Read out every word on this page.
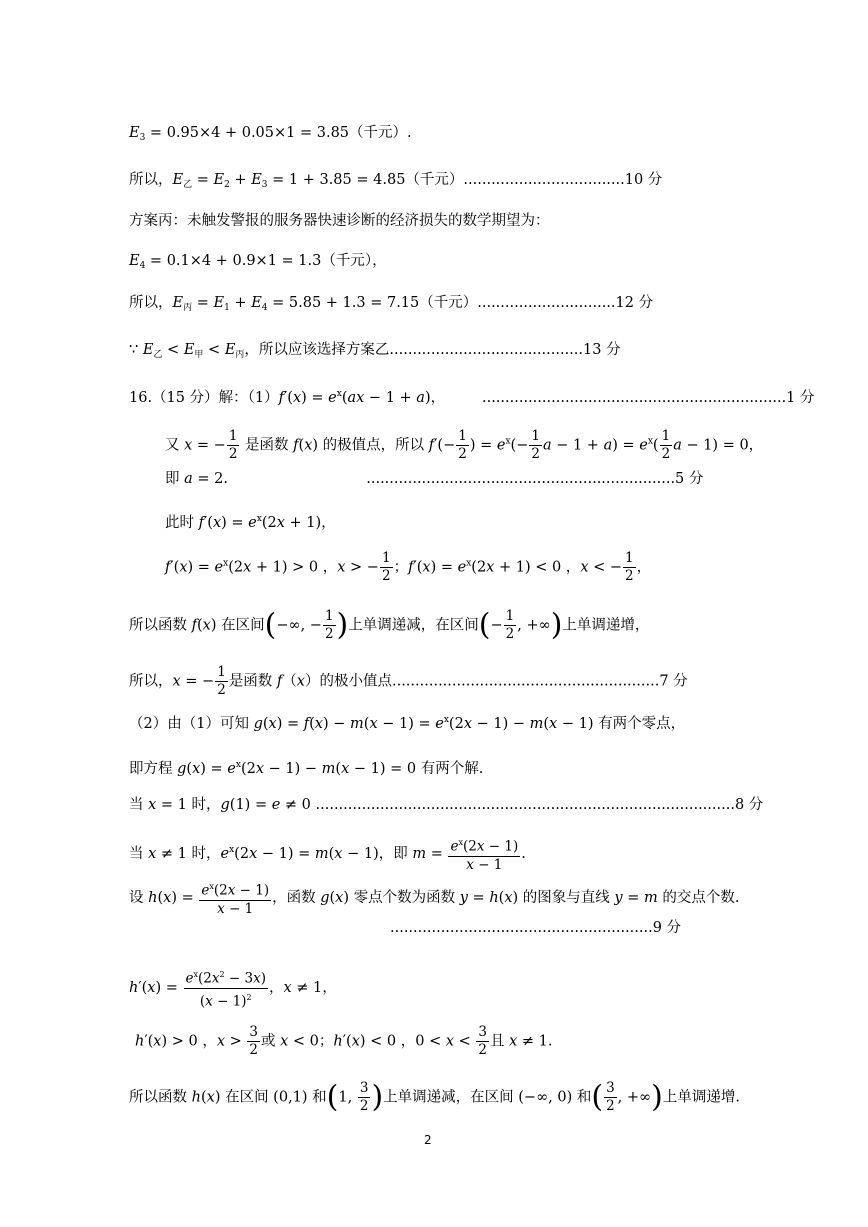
$E_3 = 0.95\times 4 + 0.05\times 1 = 3.85$（千元）.
所以，$E_乙 = E_2 + E_3 = 1 + 3.85 = 4.85$（千元）...................................10 分
方案丙：未触发警报的服务器快速诊断的经济损失的数学期望为：
$E_4 = 0.1\times 4 + 0.9\times 1 = 1.3$（千元），
所以，$E_丙 = E_1 + E_4 = 5.85 + 1.3 = 7.15$（千元）..............................12 分
∵ $E_乙 < E_甲 < E_丙$，所以应该选择方案乙..........................................13 分
16.（15 分）解：$(1)f'(x) = e^x(ax - 1 + a)$，        ..................................................................1 分
又 x = − $\frac{1}{2}$ 是函数 f(x) 的极值点，所以 $f'(- \frac{1}{2}$ ) = $e^x(- \frac{1}{2}$ $a - 1 + a) = e^x( \frac{1}{2}$ a − 1) = 0，
即 a = 2.                              ...................................................................5 分
此时 $f'(x) = e^x(2x + 1)$，
$f'(x) = e^x(2x + 1) > 0$ ，x > − $\frac{1}{2}$ ；$f'(x) = e^x(2x + 1) < 0$ ，x < − $\frac{1}{2}$ ，
所以函数 f(x) 在区间(−∞, − $\frac{1}{2}$ )上单调递减，在区间(− $\frac{1}{2}$ , +∞)上单调递增，
所以，x = − $\frac{1}{2}$ 是函数 f（x）的极小值点..........................................................7 分
（2）由（1）可知 $g(x) = f(x) - m(x - 1) = e^x(2x - 1) - m(x - 1)$ 有两个零点，
即方程 $g(x) = e^x(2x - 1) - m(x - 1) = 0$ 有两个解.
当 x = 1 时，g(1) = e ≠ 0 ...........................................................................................8 分
当 x ≠ 1 时，$e^x(2x - 1) = m(x - 1)$，即 $m = \frac{e^x(2x - 1)}{x - 1}$ .
设 $h(x) = \frac{e^x(2x - 1)}{x - 1}$ ，函数 g(x) 零点个数为函数 y = h(x) 的图象与直线 y = m 的交点个数.
.........................................................9 分
$h'(x) = \frac{e^x(2x^2 - 3x)}{(x - 1)^2}$ ，x ≠ 1，
h′(x) > 0 ，$x > \frac{3}{2}$ 或 x < 0；h′(x) < 0 ，$0 < x < \frac{3}{2}$ 且 x ≠ 1.
所以函数 h(x) 在区间 (0,1) 和(1, $\frac{3}{2}$ )上单调递减，在区间 (−∞, 0) 和( $\frac{3}{2}$ , +∞)上单调递增.
2
